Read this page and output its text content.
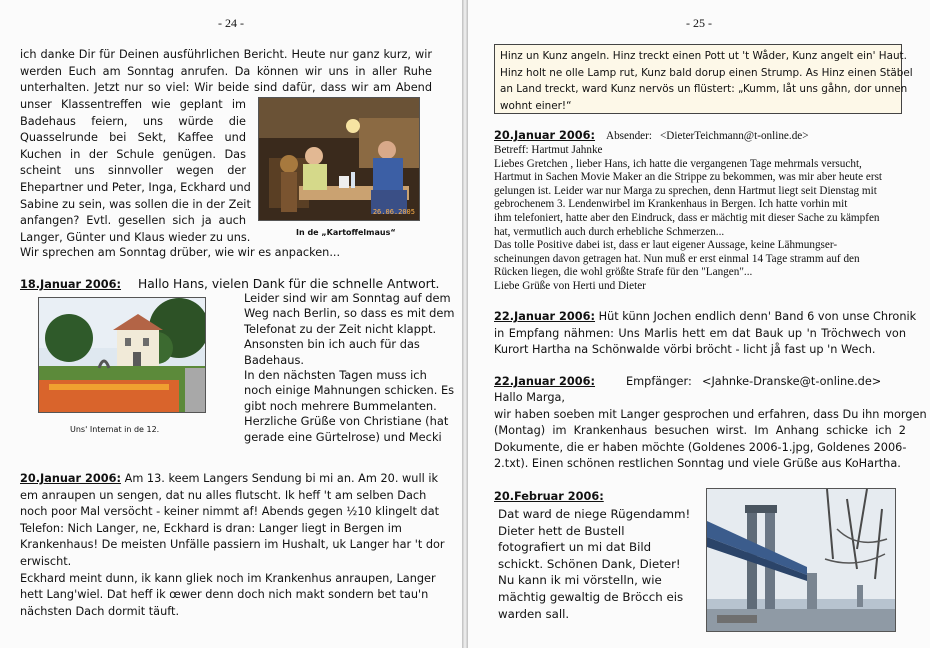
- 24 -

ich danke Dir für Deinen ausführlichen Bericht. Heute nur ganz kurz, wir

werden Euch am Sonntag anrufen. Da können wir uns in aller Ruhe

unterhalten. Jetzt nur so viel: Wir beide sind dafür, dass wir am Abend

unser Klassentreffen wie geplant im

Badehaus feiern, uns würde die

Quasselrunde bei Sekt, Kaffee und

Kuchen in der Schule genügen. Das

scheint uns sinnvoller wegen der

Ehepartner und Peter, Inga, Eckhard und

Sabine zu sein, was sollen die in der Zeit

anfangen? Evtl. gesellen sich ja auch

Langer, Günter und Klaus wieder zu uns.

Wir sprechen am Sonntag drüber, wie wir es anpacken...
26.06.2005
In de „Kartoffelmaus“
18.Januar 2006: Hallo Hans, vielen Dank für die schnelle Antwort.
Uns' Internat in de 12.

Leider sind wir am Sonntag auf dem

Weg nach Berlin, so dass es mit dem

Telefonat zu der Zeit nicht klappt.

Ansonsten bin ich auch für das

Badehaus.

In den nächsten Tagen muss ich

noch einige Mahnungen schicken. Es

gibt noch mehrere Bummelanten.

Herzliche Grüße von Christiane (hat

gerade eine Gürtelrose) und Mecki

20.Januar 2006: Am 13. keem Langers Sendung bi mi an. Am 20. wull ik

em anraupen un sengen, dat nu alles flutscht. Ik heff 't am selben Dach

noch poor Mal versöcht - keiner nimmt af! Abends gegen ½10 klingelt dat

Telefon: Nich Langer, ne, Eckhard is dran: Langer liegt in Bergen im

Krankenhaus! De meisten Unfälle passiern im Hushalt, uk Langer har 't dor

erwischt.

Eckhard meint dunn, ik kann gliek noch im Krankenhus anraupen, Langer

hett Lang'wiel. Dat heff ik œwer denn doch nich makt sondern bet tau'n

nächsten Dach dormit täuft.

- 25 -

Hinz un Kunz angeln. Hinz treckt einen Pott ut 't Wåder, Kunz angelt ein' Haut.

Hinz holt ne olle Lamp rut, Kunz bald dorup einen Strump. As Hinz einen Stäbel

an Land treckt, ward Kunz nervös un flüstert: „Kumm, låt uns gåhn, dor unnen

wohnt einer!“

20.Januar 2006: Absender: <DieterTeichmann@t-online.de>

Betreff: Hartmut Jahnke

Liebes Gretchen , lieber Hans, ich hatte die vergangenen Tage mehrmals versucht,

Hartmut in Sachen Movie Maker an die Strippe zu bekommen, was mir aber heute erst

gelungen ist. Leider war nur Marga zu sprechen, denn Hartmut liegt seit Dienstag mit

gebrochenem 3. Lendenwirbel im Krankenhaus in Bergen. Ich hatte vorhin mit

ihm telefoniert, hatte aber den Eindruck, dass er mächtig mit dieser Sache zu kämpfen

hat, vermutlich auch durch erhebliche Schmerzen...

Das tolle Positive dabei ist, dass er laut eigener Aussage, keine Lähmungser-

scheinungen davon getragen hat. Nun muß er erst einmal 14 Tage stramm auf den

Rücken liegen, die wohl größte Strafe für den "Langen"...

Liebe Grüße von Herti und Dieter

22.Januar 2006: Hüt künn Jochen endlich denn' Band 6 von unse Chronik

in Empfang nähmen: Uns Marlis hett em dat Bauk up 'n Tröchwech von

Kurort Hartha na Schönwalde vörbi bröcht - licht jå fast up 'n Wech.

22.Januar 2006:	Empfänger: <Jahnke-Dranske@t-online.de>

Hallo Marga,

wir haben soeben mit Langer gesprochen und erfahren, dass Du ihn morgen

(Montag) im Krankenhaus besuchen wirst. Im Anhang schicke ich 2

Dokumente, die er haben möchte (Goldenes 2006-1.jpg, Goldenes 2006-

2.txt). Einen schönen restlichen Sonntag und viele Grüße aus KoHartha.

20.Februar 2006:

Dat ward de niege Rügendamm!

Dieter hett de Bustell

fotografiert un mi dat Bild

schickt. Schönen Dank, Dieter!

Nu kann ik mi vörstelln, wie

mächtig gewaltig de Bröcch eis

warden sall.
